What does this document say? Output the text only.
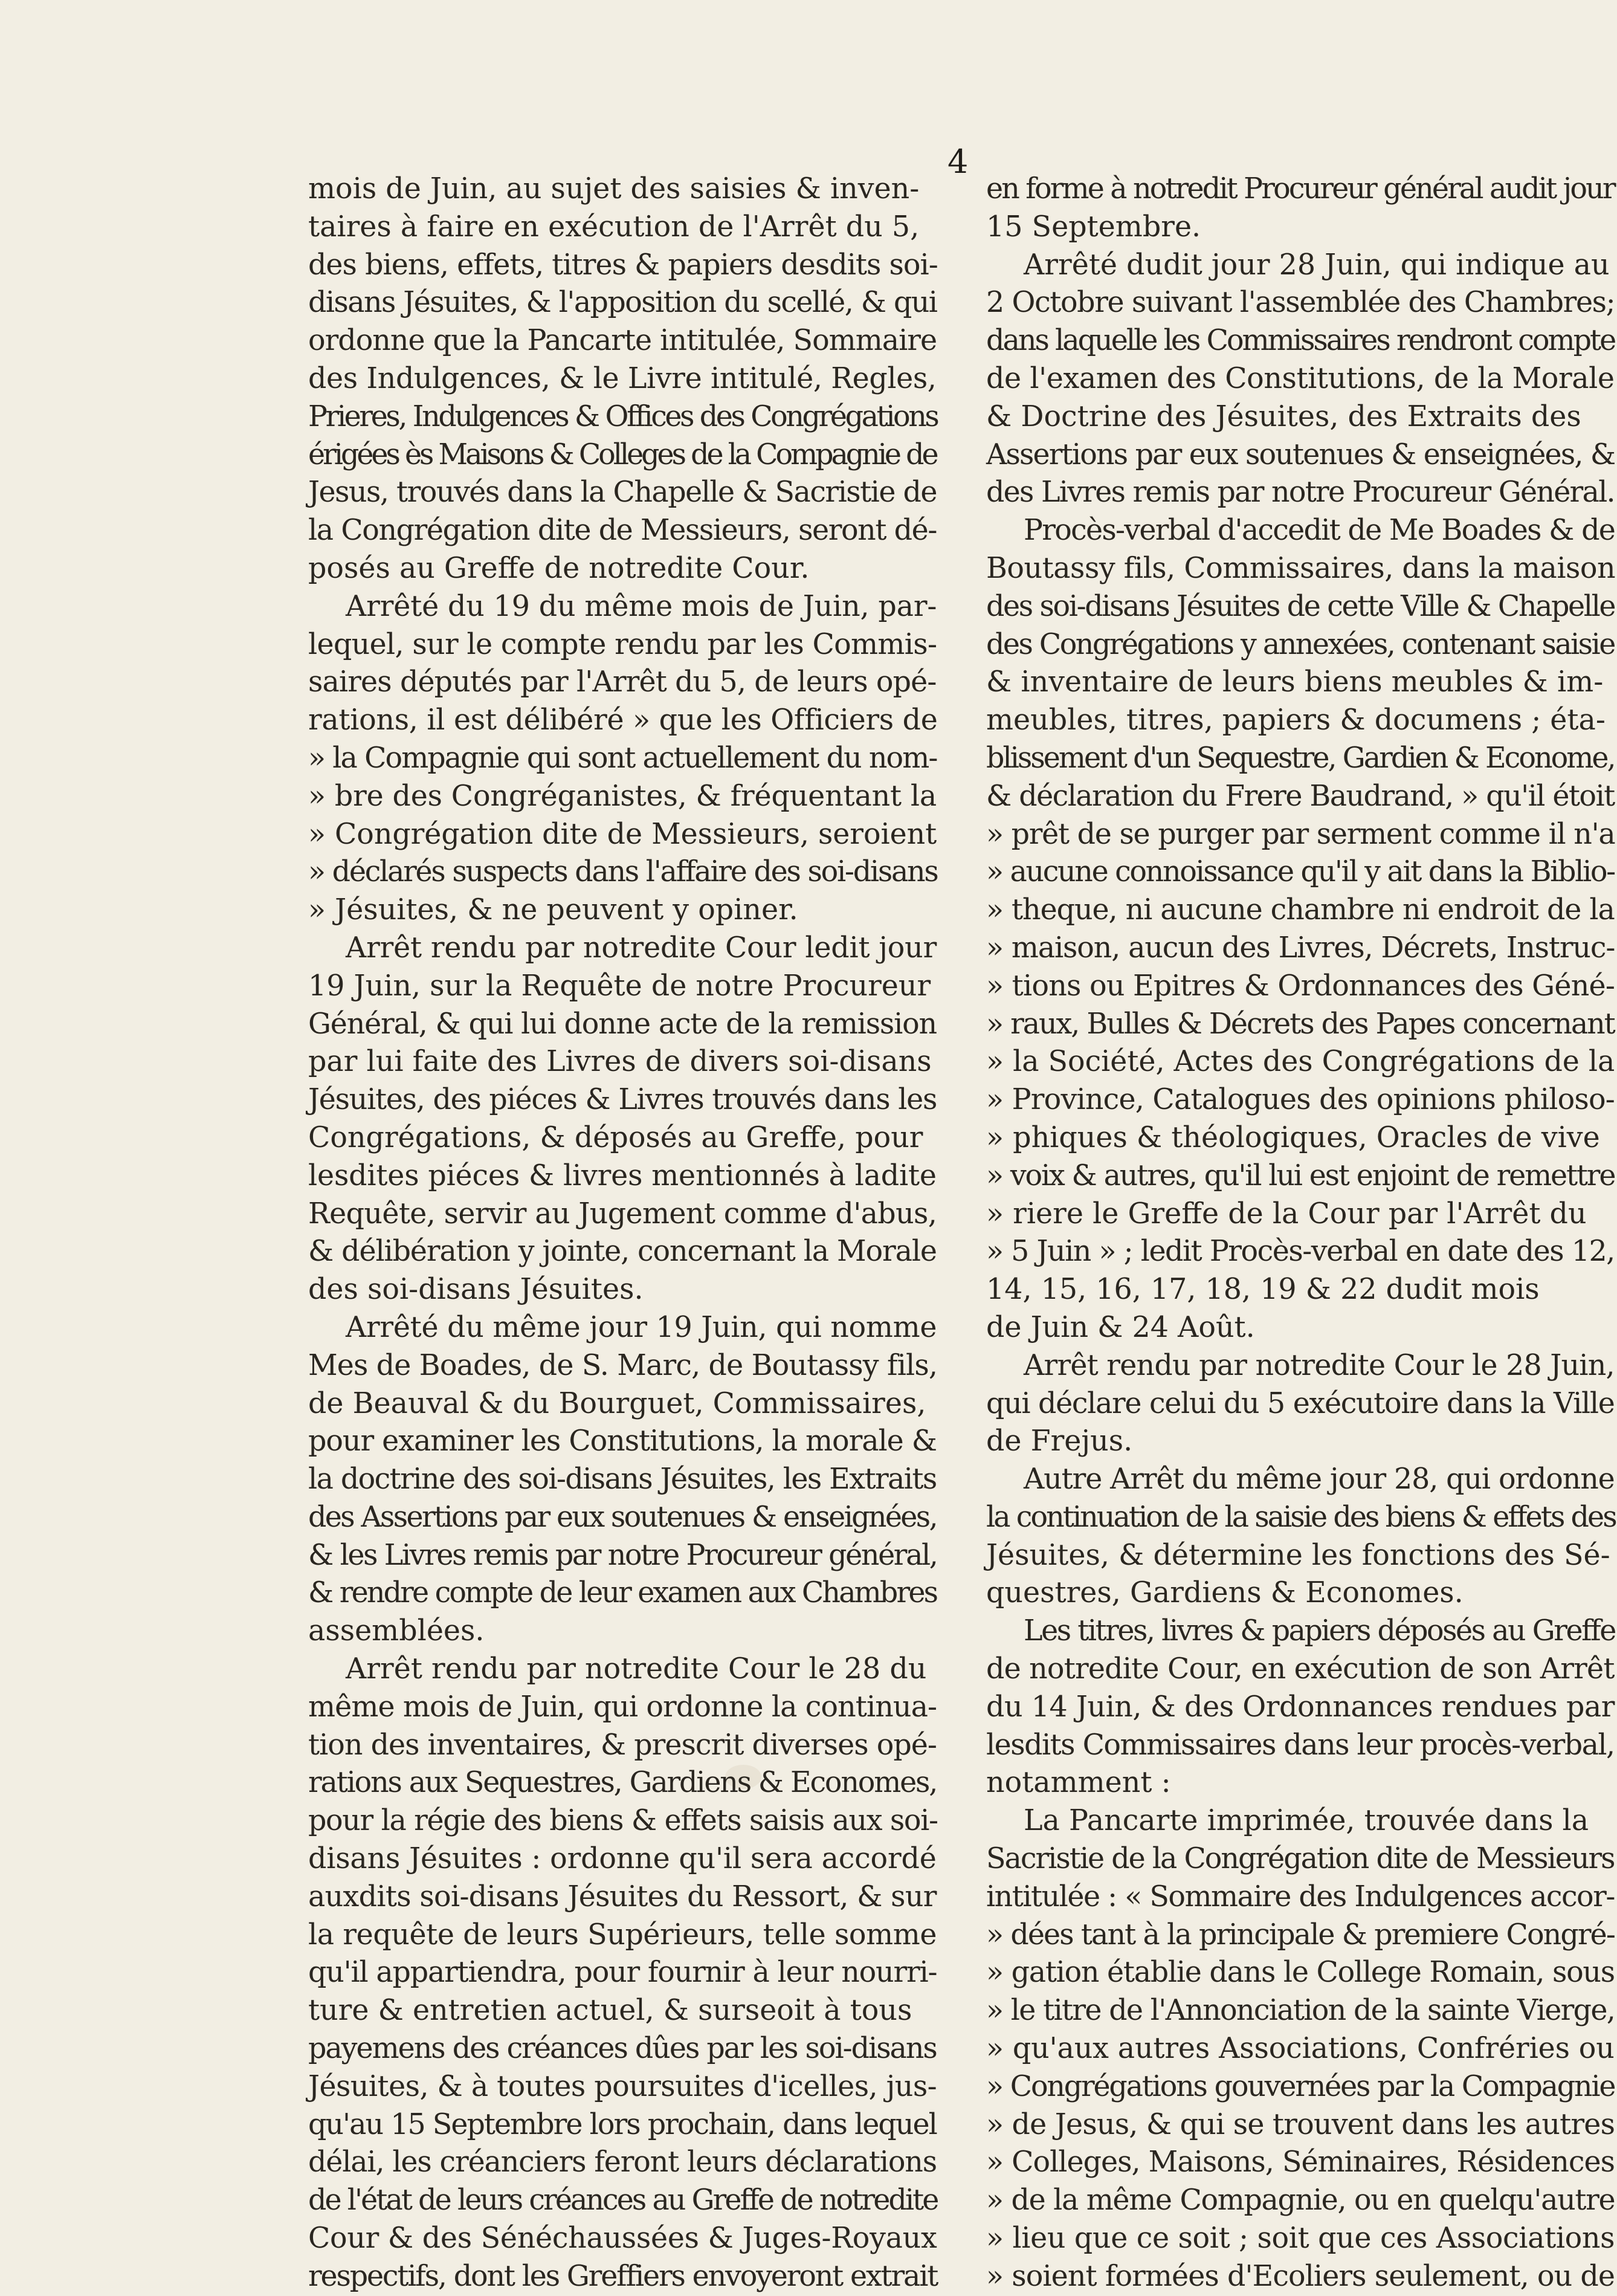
4
mois de Juin, au sujet des saisies & inven-
taires à faire en exécution de l'Arrêt du 5,
des biens, effets, titres & papiers desdits soi-
disans Jésuites, & l'apposition du scellé, & qui
ordonne que la Pancarte intitulée, Sommaire
des Indulgences, & le Livre intitulé, Regles,
Prieres, Indulgences & Offices des Congrégations
érigées ès Maisons & Colleges de la Compagnie de
Jesus, trouvés dans la Chapelle & Sacristie de
la Congrégation dite de Messieurs, seront dé-
posés au Greffe de notredite Cour.
Arrêté du 19 du même mois de Juin, par-
lequel, sur le compte rendu par les Commis-
saires députés par l'Arrêt du 5, de leurs opé-
rations, il est délibéré » que les Officiers de
» la Compagnie qui sont actuellement du nom-
» bre des Congréganistes, & fréquentant la
» Congrégation dite de Messieurs, seroient
» déclarés suspects dans l'affaire des soi-disans
» Jésuites, & ne peuvent y opiner.
Arrêt rendu par notredite Cour ledit jour
19 Juin, sur la Requête de notre Procureur
Général, & qui lui donne acte de la remission
par lui faite des Livres de divers soi-disans
Jésuites, des piéces & Livres trouvés dans les
Congrégations, & déposés au Greffe, pour
lesdites piéces & livres mentionnés à ladite
Requête, servir au Jugement comme d'abus,
& délibération y jointe, concernant la Morale
des soi-disans Jésuites.
Arrêté du même jour 19 Juin, qui nomme
Mes de Boades, de S. Marc, de Boutassy fils,
de Beauval & du Bourguet, Commissaires,
pour examiner les Constitutions, la morale &
la doctrine des soi-disans Jésuites, les Extraits
des Assertions par eux soutenues & enseignées,
& les Livres remis par notre Procureur général,
& rendre compte de leur examen aux Chambres
assemblées.
Arrêt rendu par notredite Cour le 28 du
même mois de Juin, qui ordonne la continua-
tion des inventaires, & prescrit diverses opé-
rations aux Sequestres, Gardiens & Economes,
pour la régie des biens & effets saisis aux soi-
disans Jésuites : ordonne qu'il sera accordé
auxdits soi-disans Jésuites du Ressort, & sur
la requête de leurs Supérieurs, telle somme
qu'il appartiendra, pour fournir à leur nourri-
ture & entretien actuel, & surseoit à tous
payemens des créances dûes par les soi-disans
Jésuites, & à toutes poursuites d'icelles, jus-
qu'au 15 Septembre lors prochain, dans lequel
délai, les créanciers feront leurs déclarations
de l'état de leurs créances au Greffe de notredite
Cour & des Sénéchaussées & Juges-Royaux
respectifs, dont les Greffiers envoyeront extrait
en forme à notredit Procureur général audit jour
15 Septembre.
Arrêté dudit jour 28 Juin, qui indique au
2 Octobre suivant l'assemblée des Chambres;
dans laquelle les Commissaires rendront compte
de l'examen des Constitutions, de la Morale
& Doctrine des Jésuites, des Extraits des
Assertions par eux soutenues & enseignées, &
des Livres remis par notre Procureur Général.
Procès-verbal d'accedit de Me Boades & de
Boutassy fils, Commissaires, dans la maison
des soi-disans Jésuites de cette Ville & Chapelle
des Congrégations y annexées, contenant saisie
& inventaire de leurs biens meubles & im-
meubles, titres, papiers & documens ; éta-
blissement d'un Sequestre, Gardien & Econome,
& déclaration du Frere Baudrand, » qu'il étoit
» prêt de se purger par serment comme il n'a
» aucune connoissance qu'il y ait dans la Biblio-
» theque, ni aucune chambre ni endroit de la
» maison, aucun des Livres, Décrets, Instruc-
» tions ou Epitres & Ordonnances des Géné-
» raux, Bulles & Décrets des Papes concernant
» la Société, Actes des Congrégations de la
» Province, Catalogues des opinions philoso-
» phiques & théologiques, Oracles de vive
» voix & autres, qu'il lui est enjoint de remettre
» riere le Greffe de la Cour par l'Arrêt du
» 5 Juin » ; ledit Procès-verbal en date des 12,
14, 15, 16, 17, 18, 19 & 22 dudit mois
de Juin & 24 Août.
Arrêt rendu par notredite Cour le 28 Juin,
qui déclare celui du 5 exécutoire dans la Ville
de Frejus.
Autre Arrêt du même jour 28, qui ordonne
la continuation de la saisie des biens & effets des
Jésuites, & détermine les fonctions des Sé-
questres, Gardiens & Economes.
Les titres, livres & papiers déposés au Greffe
de notredite Cour, en exécution de son Arrêt
du 14 Juin, & des Ordonnances rendues par
lesdits Commissaires dans leur procès-verbal,
notamment :
La Pancarte imprimée, trouvée dans la
Sacristie de la Congrégation dite de Messieurs
intitulée : « Sommaire des Indulgences accor-
» dées tant à la principale & premiere Congré-
» gation établie dans le College Romain, sous
» le titre de l'Annonciation de la sainte Vierge,
» qu'aux autres Associations, Confréries ou
» Congrégations gouvernées par la Compagnie
» de Jesus, & qui se trouvent dans les autres
» Colleges, Maisons, Séminaires, Résidences
» de la même Compagnie, ou en quelqu'autre
» lieu que ce soit ; soit que ces Associations
» soient formées d'Ecoliers seulement, ou de
